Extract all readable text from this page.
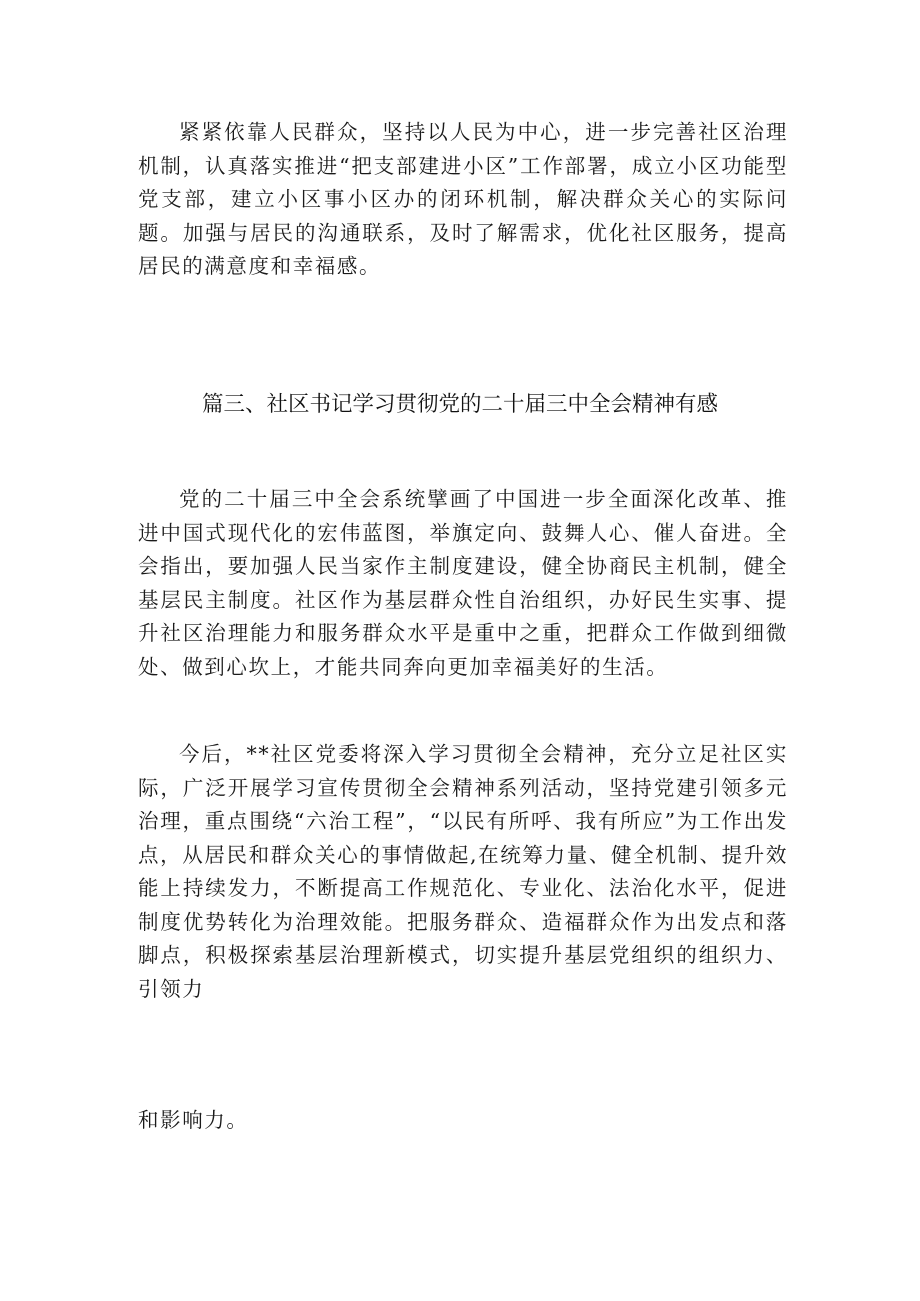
紧紧依靠人民群众，坚持以人民为中心，进一步完善社区治理机制，认真落实推进“把支部建进小区”工作部署，成立小区功能型党支部，建立小区事小区办的闭环机制，解决群众关心的实际问题。加强与居民的沟通联系，及时了解需求，优化社区服务，提高居民的满意度和幸福感。

篇三、社区书记学习贯彻党的二十届三中全会精神有感

党的二十届三中全会系统擘画了中国进一步全面深化改革、推进中国式现代化的宏伟蓝图，举旗定向、鼓舞人心、催人奋进。全会指出，要加强人民当家作主制度建设，健全协商民主机制，健全基层民主制度。社区作为基层群众性自治组织，办好民生实事、提升社区治理能力和服务群众水平是重中之重，把群众工作做到细微处、做到心坎上，才能共同奔向更加幸福美好的生活。

今后，**社区党委将深入学习贯彻全会精神，充分立足社区实际，广泛开展学习宣传贯彻全会精神系列活动，坚持党建引领多元治理，重点围绕“六治工程”，“以民有所呼、我有所应”为工作出发点，从居民和群众关心的事情做起,在统筹力量、健全机制、提升效能上持续发力，不断提高工作规范化、专业化、法治化水平，促进制度优势转化为治理效能。把服务群众、造福群众作为出发点和落脚点，积极探索基层治理新模式，切实提升基层党组织的组织力、引领力

和影响力。
